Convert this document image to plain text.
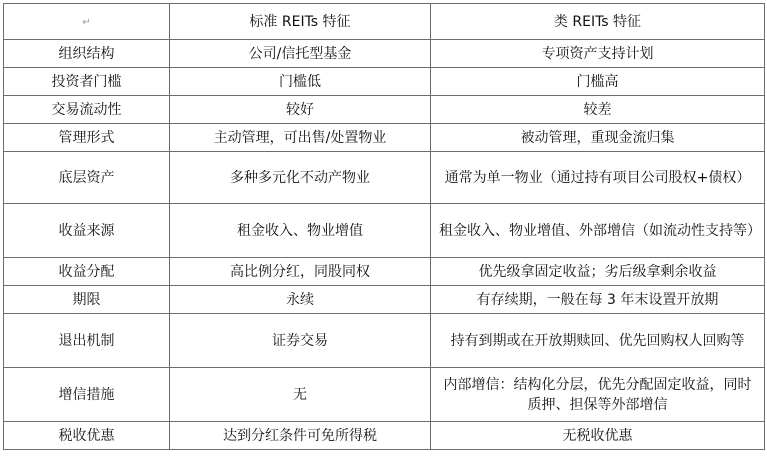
↵	标准 REITs 特征	类 REITs 特征
组织结构	公司/信托型基金	专项资产支持计划
投资者门槛	门槛低	门槛高
交易流动性	较好	较差
管理形式	主动管理，可出售/处置物业	被动管理，重现金流归集
底层资产	多种多元化不动产物业	通常为单一物业（通过持有项目公司股权+债权）
收益来源	租金收入、物业增值	租金收入、物业增值、外部增信（如流动性支持等）
收益分配	高比例分红，同股同权	优先级拿固定收益；劣后级拿剩余收益
期限	永续	有存续期，一般在每 3 年末设置开放期
退出机制	证券交易	持有到期或在开放期赎回、优先回购权人回购等
增信措施	无	内部增信：结构化分层，优先分配固定收益，同时质押、担保等外部增信
税收优惠	达到分红条件可免所得税	无税收优惠
